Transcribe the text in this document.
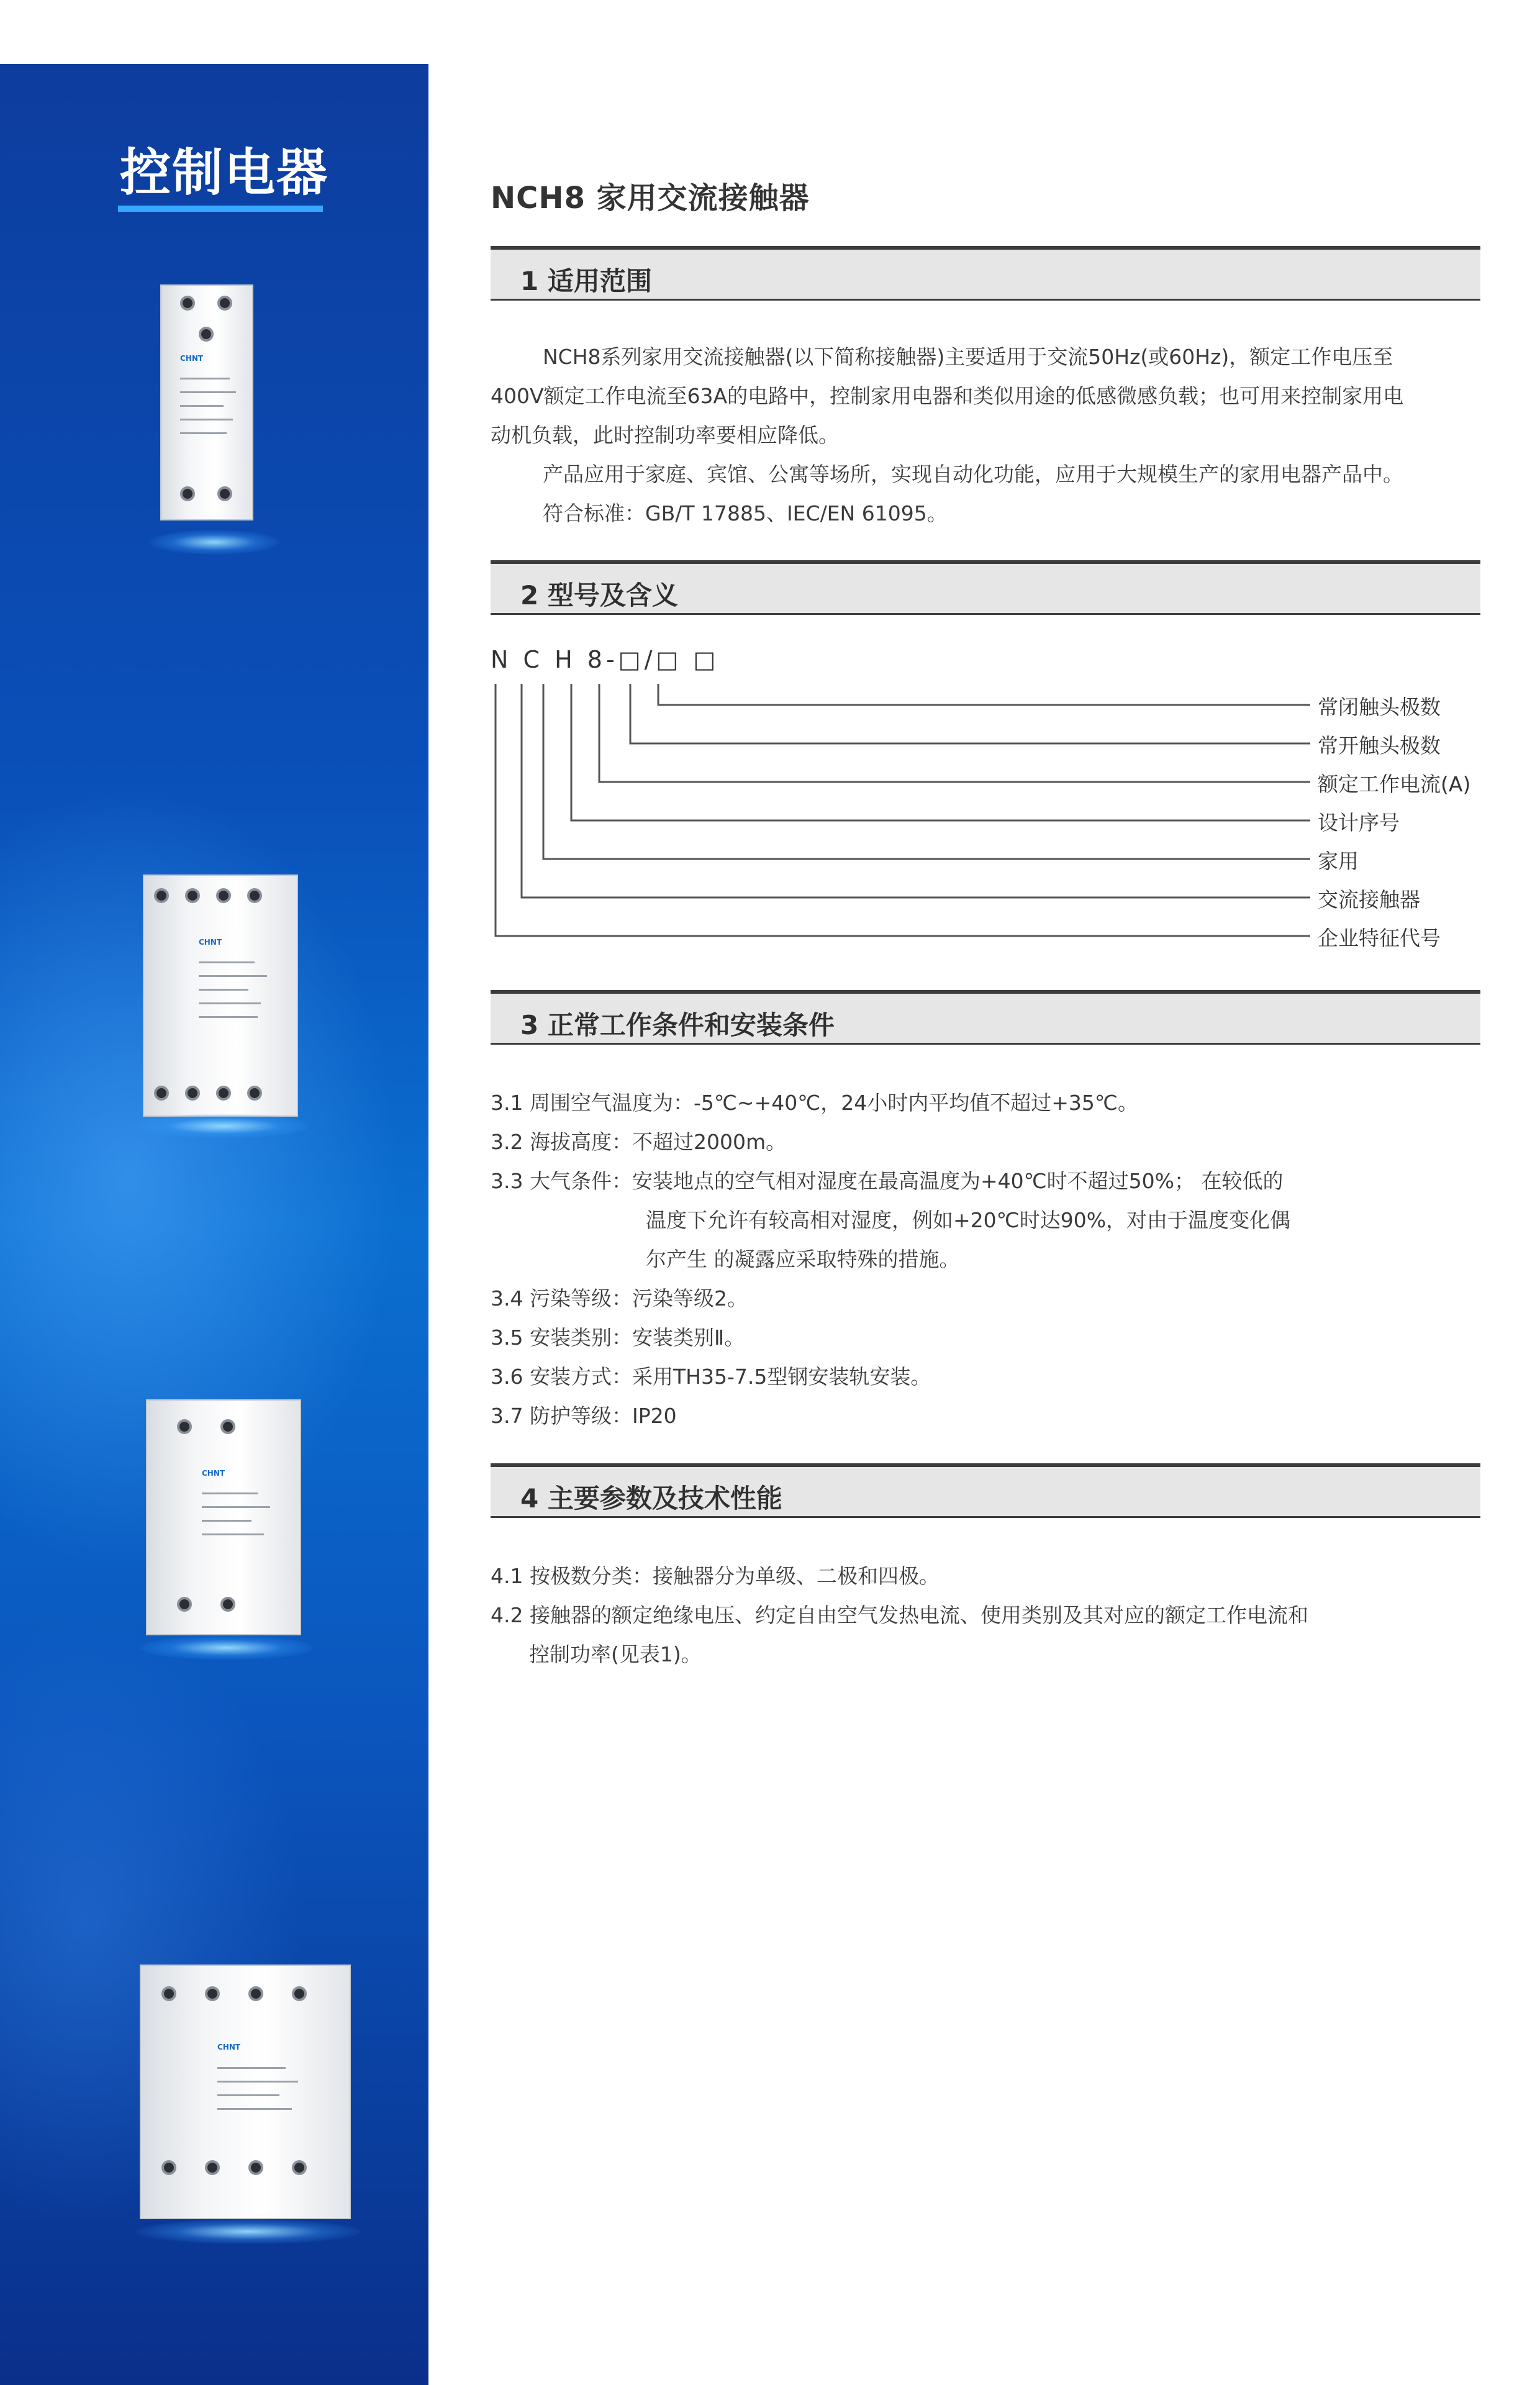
控制电器
CHNT
CHNT
CHNT
CHNT
NCH8 家用交流接触器
1 适用范围

NCH8系列家用交流接触器(以下简称接触器)主要适用于交流50Hz(或60Hz)，额定工作电压至

400V额定工作电流至63A的电路中，控制家用电器和类似用途的低感微感负载；也可用来控制家用电

动机负载，此时控制功率要相应降低。

产品应用于家庭、宾馆、公寓等场所，实现自动化功能，应用于大规模生产的家用电器产品中。

符合标准：GB/T 17885、IEC/EN 61095。

2 型号及含义
N C H 8-□/□ □
常闭触头极数
常开触头极数
额定工作电流(A)
设计序号
家用
交流接触器
企业特征代号
3 正常工作条件和安装条件
3.1 周围空气温度为：-5℃~+40℃，24小时内平均值不超过+35℃。
3.2 海拔高度：不超过2000m。
3.3 大气条件：安装地点的空气相对湿度在最高温度为+40℃时不超过50%； 在较低的
温度下允许有较高相对湿度，例如+20℃时达90%，对由于温度变化偶
尔产生 的凝露应采取特殊的措施。
3.4 污染等级：污染等级2。
3.5 安装类别：安装类别Ⅱ。
3.6 安装方式：采用TH35-7.5型钢安装轨安装。
3.7 防护等级：IP20
4 主要参数及技术性能
4.1 按极数分类：接触器分为单级、二极和四极。
4.2 接触器的额定绝缘电压、约定自由空气发热电流、使用类别及其对应的额定工作电流和
控制功率(见表1)。
